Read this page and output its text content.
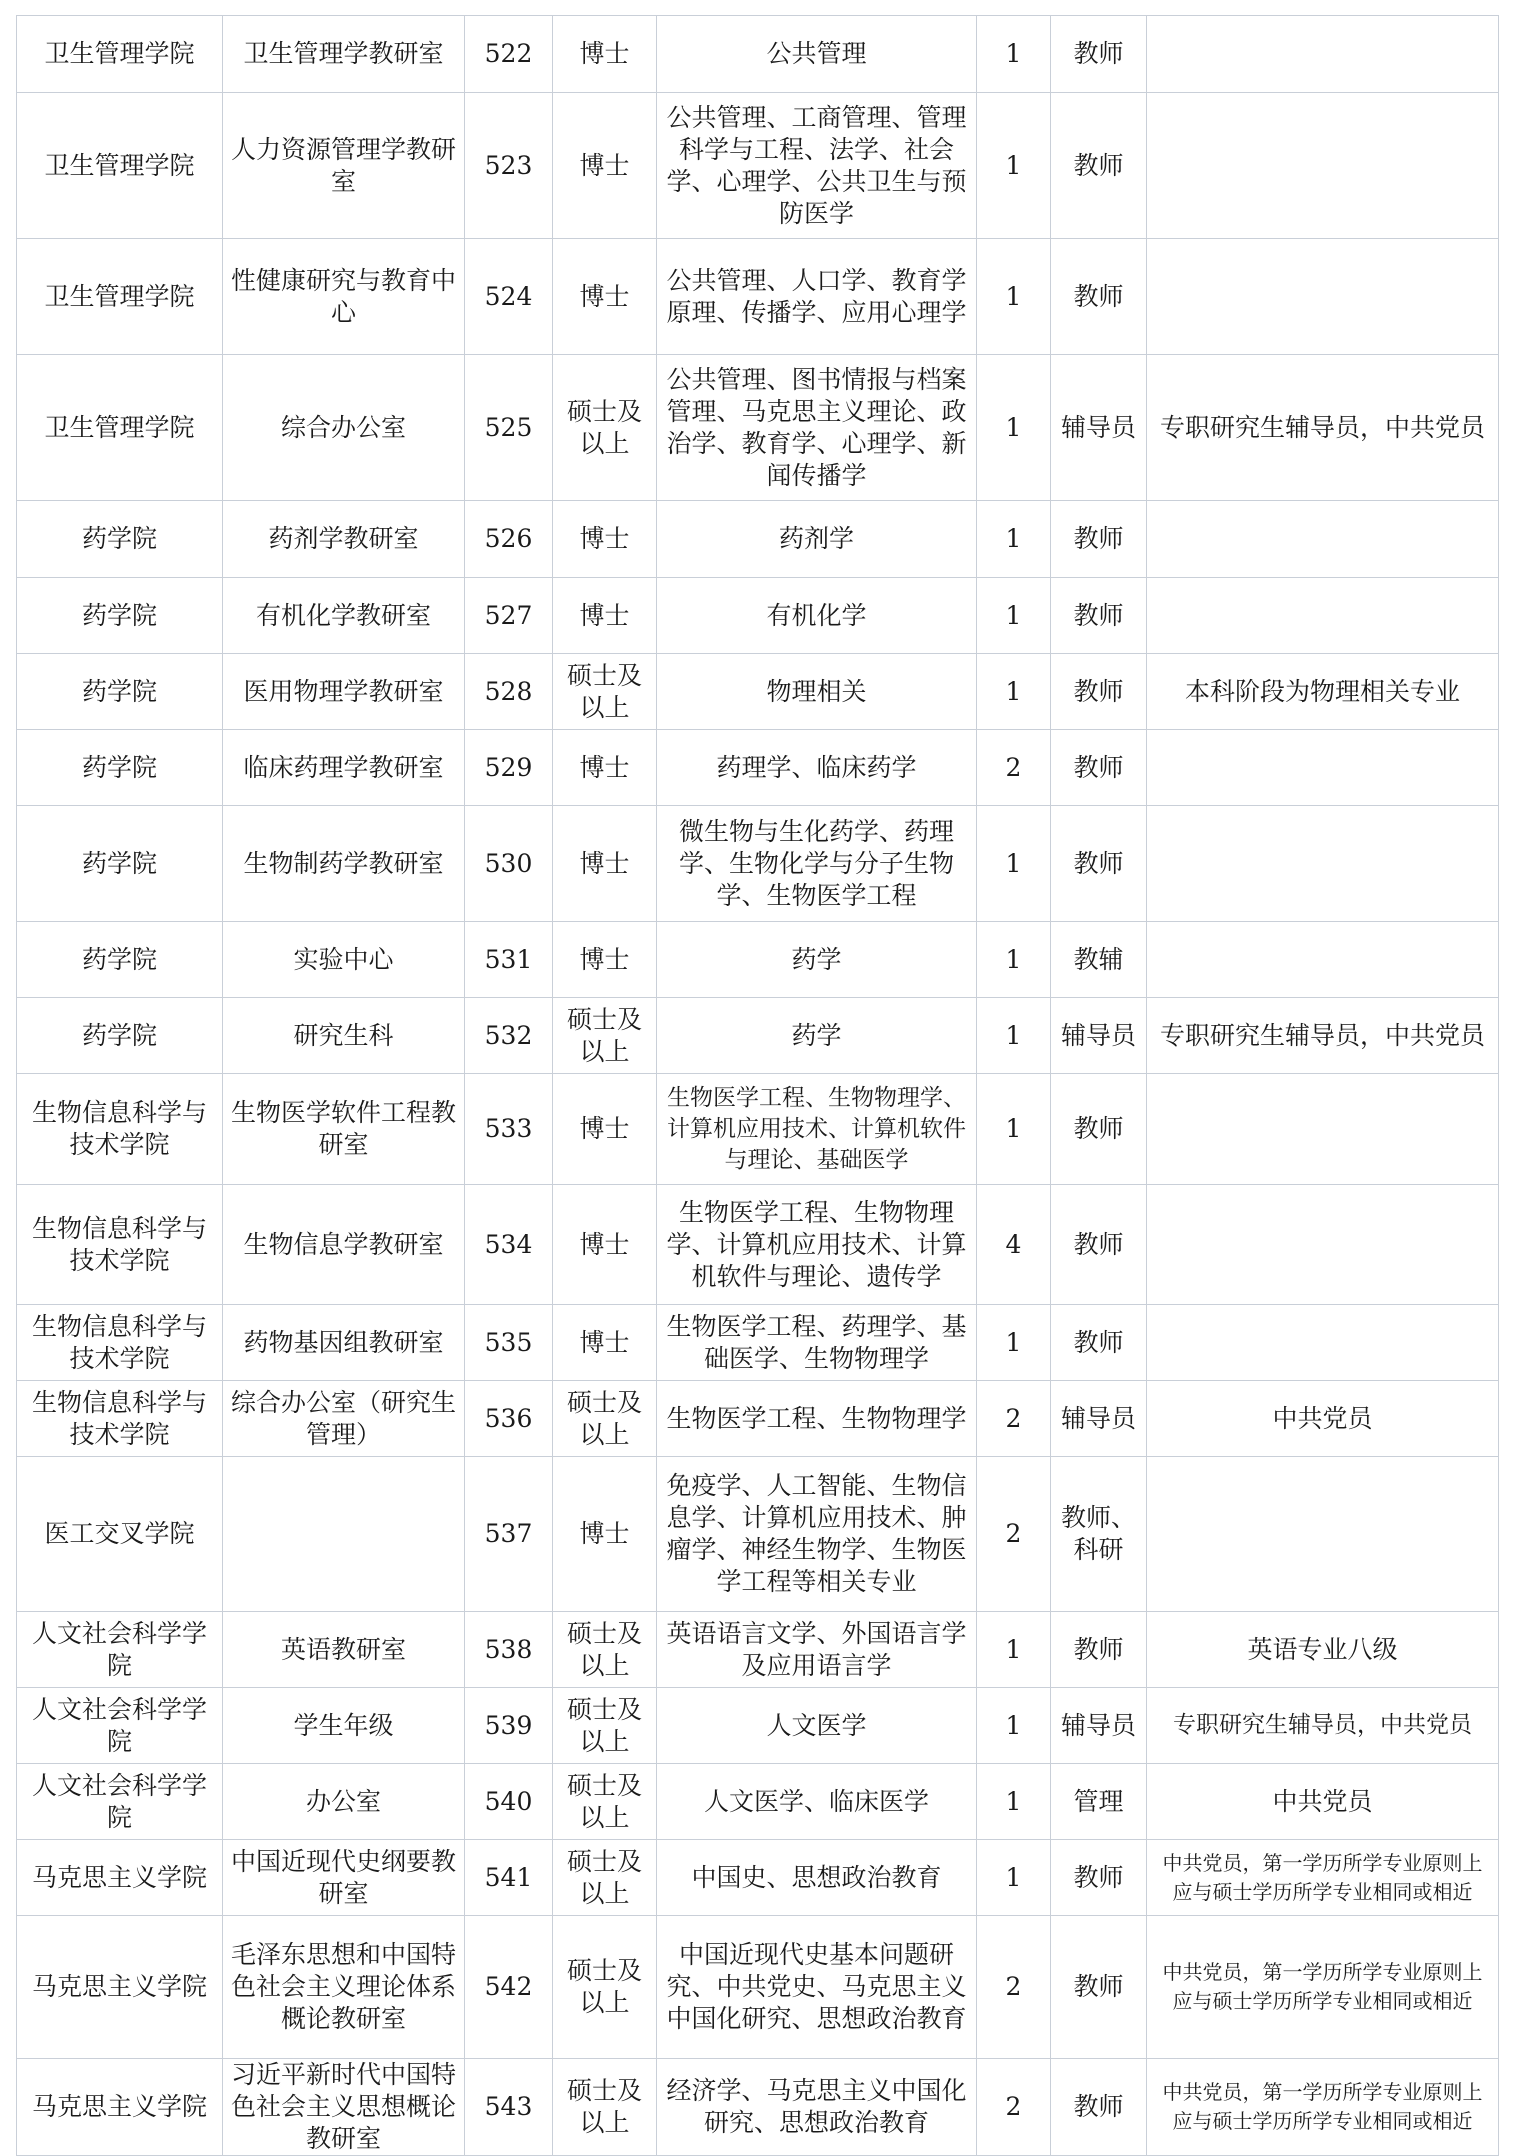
卫生管理学院	卫生管理学教研室	522	博士	公共管理	1	教师	
卫生管理学院	人力资源管理学教研室	523	博士	公共管理、工商管理、管理科学与工程、法学、社会学、心理学、公共卫生与预防医学	1	教师	
卫生管理学院	性健康研究与教育中心	524	博士	公共管理、人口学、教育学原理、传播学、应用心理学	1	教师	
卫生管理学院	综合办公室	525	硕士及以上	公共管理、图书情报与档案管理、马克思主义理论、政治学、教育学、心理学、新闻传播学	1	辅导员	专职研究生辅导员，中共党员
药学院	药剂学教研室	526	博士	药剂学	1	教师	
药学院	有机化学教研室	527	博士	有机化学	1	教师	
药学院	医用物理学教研室	528	硕士及以上	物理相关	1	教师	本科阶段为物理相关专业
药学院	临床药理学教研室	529	博士	药理学、临床药学	2	教师	
药学院	生物制药学教研室	530	博士	微生物与生化药学、药理学、生物化学与分子生物学、生物医学工程	1	教师	
药学院	实验中心	531	博士	药学	1	教辅	
药学院	研究生科	532	硕士及以上	药学	1	辅导员	专职研究生辅导员，中共党员
生物信息科学与技术学院	生物医学软件工程教研室	533	博士	生物医学工程、生物物理学、计算机应用技术、计算机软件与理论、基础医学	1	教师	
生物信息科学与技术学院	生物信息学教研室	534	博士	生物医学工程、生物物理学、计算机应用技术、计算机软件与理论、遗传学	4	教师	
生物信息科学与技术学院	药物基因组教研室	535	博士	生物医学工程、药理学、基础医学、生物物理学	1	教师	
生物信息科学与技术学院	综合办公室（研究生管理）	536	硕士及以上	生物医学工程、生物物理学	2	辅导员	中共党员
医工交叉学院		537	博士	免疫学、人工智能、生物信息学、计算机应用技术、肿瘤学、神经生物学、生物医学工程等相关专业	2	教师、科研	
人文社会科学学院	英语教研室	538	硕士及以上	英语语言文学、外国语言学及应用语言学	1	教师	英语专业八级
人文社会科学学院	学生年级	539	硕士及以上	人文医学	1	辅导员	专职研究生辅导员，中共党员
人文社会科学学院	办公室	540	硕士及以上	人文医学、临床医学	1	管理	中共党员
马克思主义学院	中国近现代史纲要教研室	541	硕士及以上	中国史、思想政治教育	1	教师	中共党员，第一学历所学专业原则上应与硕士学历所学专业相同或相近
马克思主义学院	毛泽东思想和中国特色社会主义理论体系概论教研室	542	硕士及以上	中国近现代史基本问题研究、中共党史、马克思主义中国化研究、思想政治教育	2	教师	中共党员，第一学历所学专业原则上应与硕士学历所学专业相同或相近
马克思主义学院	习近平新时代中国特色社会主义思想概论教研室	543	硕士及以上	经济学、马克思主义中国化研究、思想政治教育	2	教师	中共党员，第一学历所学专业原则上应与硕士学历所学专业相同或相近
